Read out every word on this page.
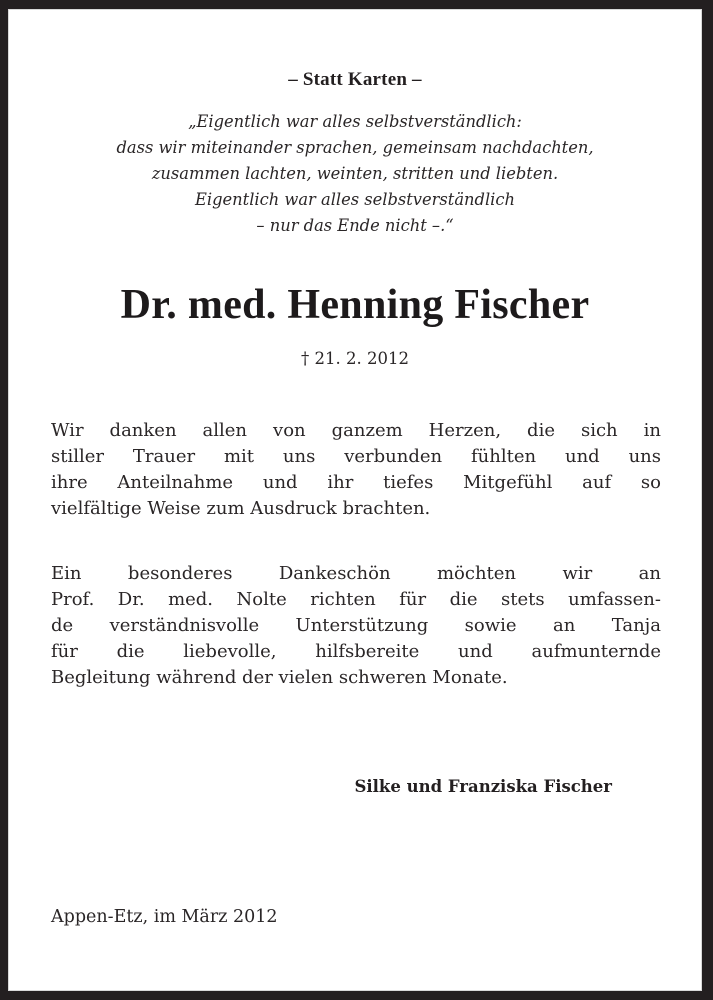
– Statt Karten –
„Eigentlich war alles selbstverständlich:
dass wir miteinander sprachen, gemeinsam nachdachten,
zusammen lachten, weinten, stritten und liebten.
Eigentlich war alles selbstverständlich
– nur das Ende nicht –.“
Dr. med. Henning Fischer
† 21. 2. 2012
Wir danken allen von ganzem Herzen, die sich in
stiller Trauer mit uns verbunden fühlten und uns
ihre Anteilnahme und ihr tiefes Mitgefühl auf so
vielfältige Weise zum Ausdruck brachten.
Ein besonderes Dankeschön möchten wir an
Prof. Dr. med. Nolte richten für die stets umfassen-
de verständnisvolle Unterstützung sowie an Tanja
für die liebevolle, hilfsbereite und aufmunternde
Begleitung während der vielen schweren Monate.
Silke und Franziska Fischer
Appen-Etz, im März 2012
